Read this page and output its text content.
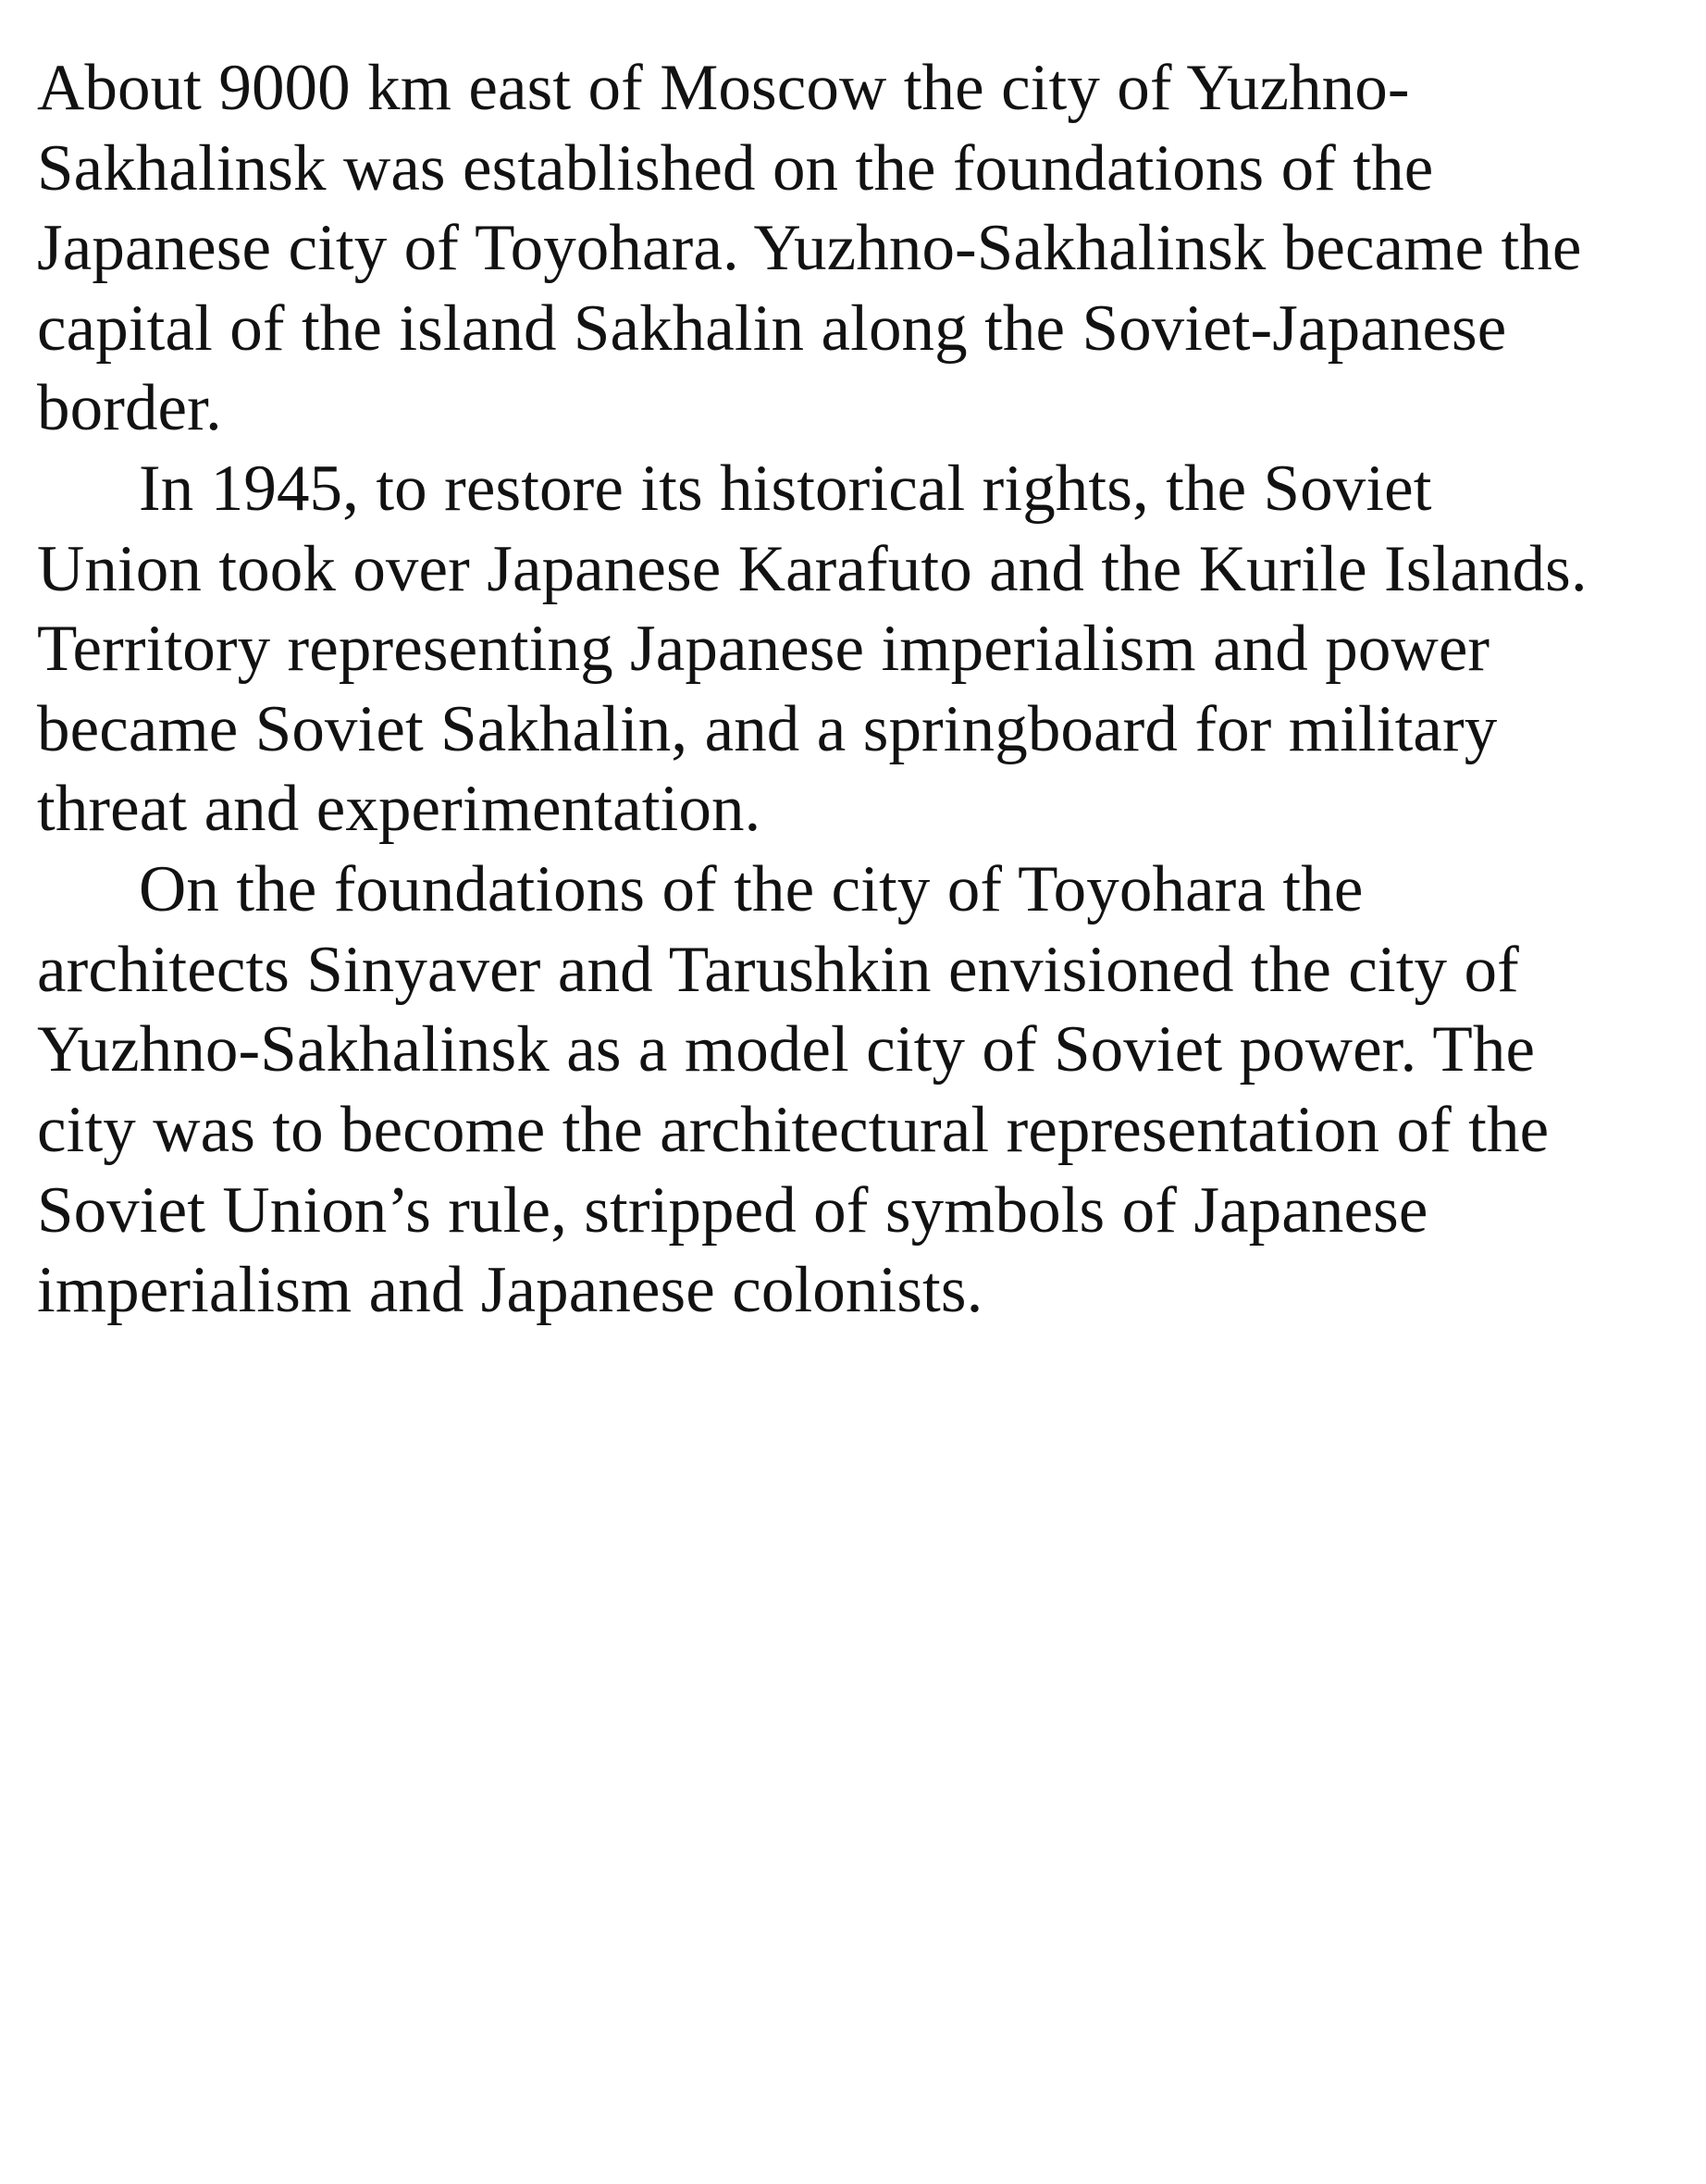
About 9000 km east of Moscow the city of Yuzhno-Sakhalinsk was established on the foundations of the Japanese city of Toyohara. Yuzhno-Sakhalinsk became the capital of the island Sakhalin along the Soviet-Japanese border.

In 1945, to restore its historical rights, the Soviet Union took over Japanese Karafuto and the Kurile Islands. Territory representing Japanese imperialism and power became Soviet Sakhalin, and a springboard for military threat and experimentation.

On the foundations of the city of Toyohara the architects Sinyaver and Tarushkin envisioned the city of Yuzhno-Sakhalinsk as a model city of Soviet power. The city was to become the architectural representation of the Soviet Union’s rule, stripped of symbols of Japanese imperialism and Japanese colonists.
